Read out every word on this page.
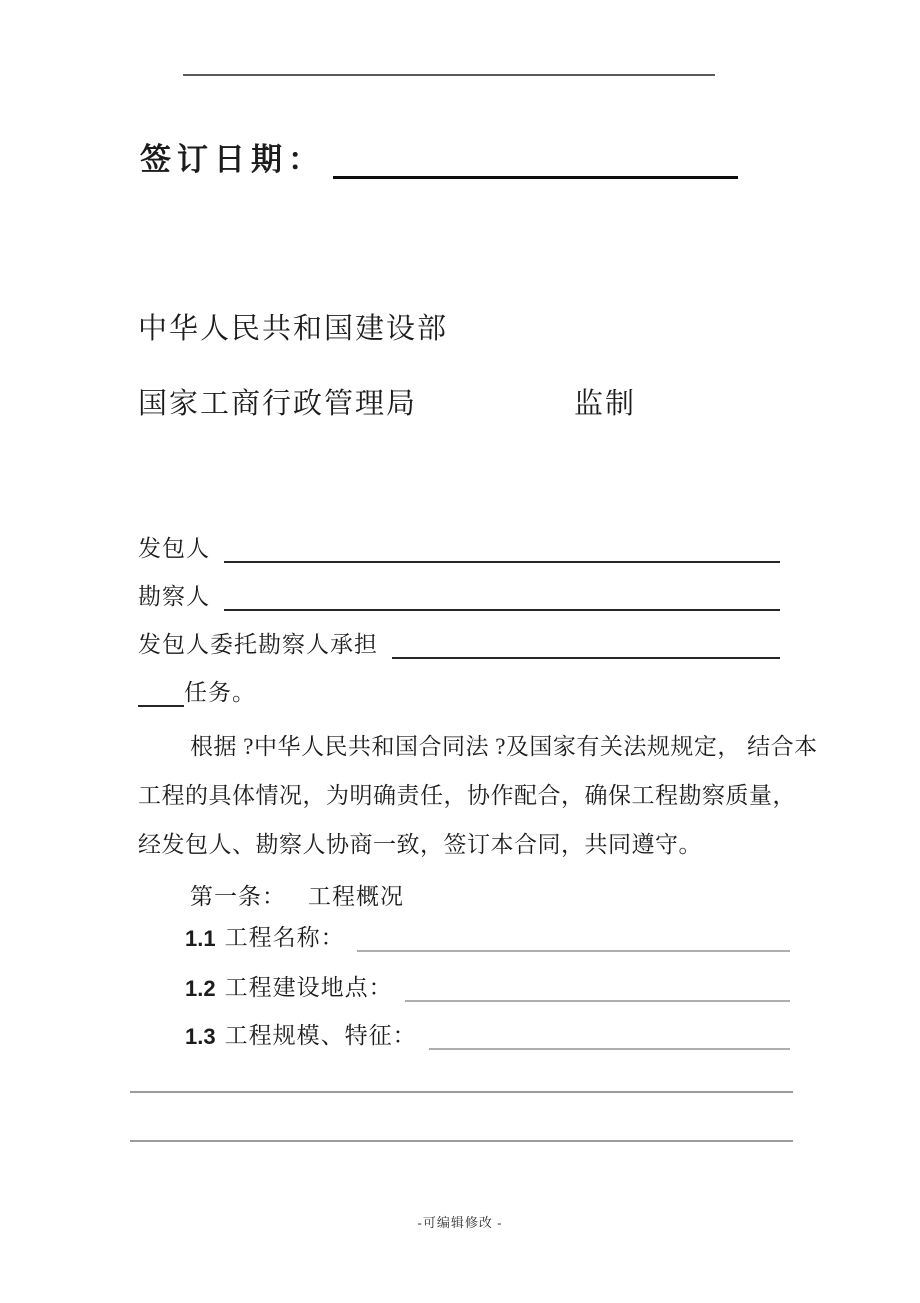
签订日期：
中华人民共和国建设部
国家工商行政管理局	监制
发包人
勘察人
发包人委托勘察人承担
任务。
根据 ?中华人民共和国合同法 ?及国家有关法规规定， 结合本
工程的具体情况，为明确责任，协作配合，确保工程勘察质量，
经发包人、勘察人协商一致，签订本合同，共同遵守。
第一条： 工程概况
1.1 工程名称：
1.2 工程建设地点：
1.3 工程规模、特征：
-可编辑修改 -
